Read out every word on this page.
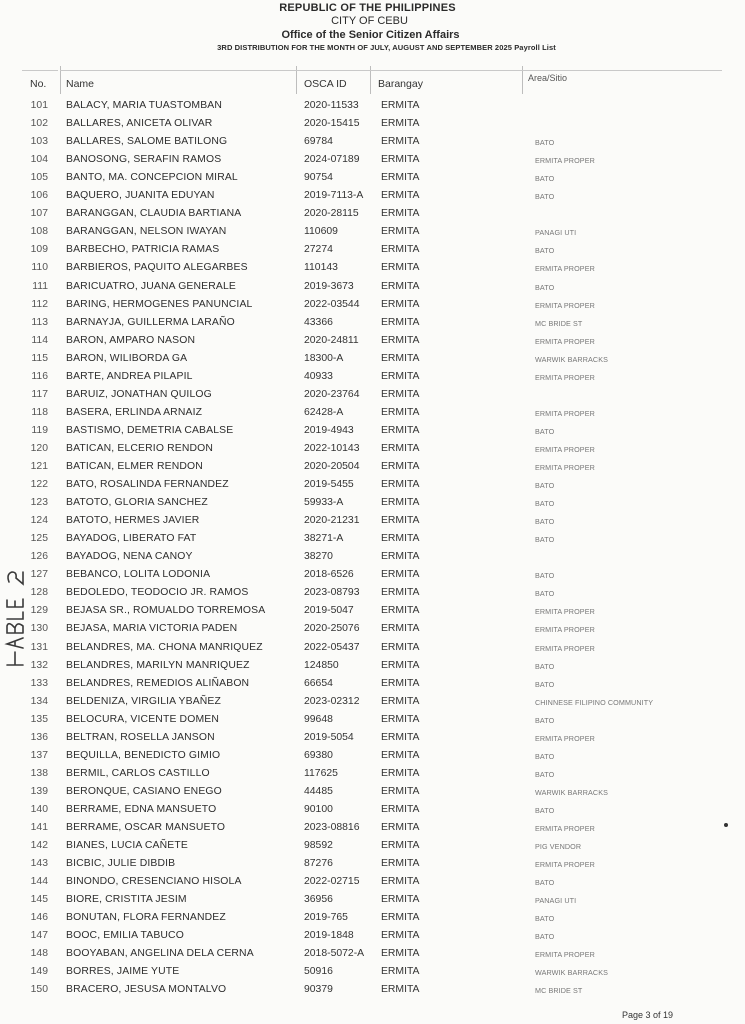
REPUBLIC OF THE PHILIPPINES
CITY OF CEBU
Office of the Senior Citizen Affairs
3RD DISTRIBUTION FOR THE MONTH OF JULY, AUGUST AND SEPTEMBER 2025 Payroll List
No. Name	OSCA ID	Barangay	Area/Sitio
101 BALACY, MARIA TUASTOMBAN	2020-11533 ERMITA
102 BALLARES, ANICETA OLIVAR	2020-15415 ERMITA
103 BALLARES, SALOME BATILONG	69784	ERMITA	BATO
104 BANOSONG, SERAFIN RAMOS	2024-07189 ERMITA	ERMITA PROPER
105 BANTO, MA. CONCEPCION MIRAL	90754	ERMITA	BATO
106 BAQUERO, JUANITA EDUYAN	2019-7113-A ERMITA	BATO
107 BARANGGAN, CLAUDIA BARTIANA	2020-28115 ERMITA
108 BARANGGAN, NELSON IWAYAN	110609	ERMITA	PANAGI UTI
109 BARBECHO, PATRICIA RAMAS	27274	ERMITA	BATO
110 BARBIEROS, PAQUITO ALEGARBES	110143	ERMITA	ERMITA PROPER
111 BARICUATRO, JUANA GENERALE	2019-3673	ERMITA	BATO
112 BARING, HERMOGENES PANUNCIAL	2022-03544 ERMITA	ERMITA PROPER
113 BARNAYJA, GUILLERMA LARAÑO	43366	ERMITA	MC BRIDE ST
114 BARON, AMPARO NASON	2020-24811 ERMITA	ERMITA PROPER
115 BARON, WILIBORDA GA	18300-A	ERMITA	WARWIK BARRACKS
116 BARTE, ANDREA PILAPIL	40933	ERMITA	ERMITA PROPER
117 BARUIZ, JONATHAN QUILOG	2020-23764 ERMITA
118 BASERA, ERLINDA ARNAIZ	62428-A	ERMITA	ERMITA PROPER
119 BASTISMO, DEMETRIA CABALSE	2019-4943	ERMITA	BATO
120 BATICAN, ELCERIO RENDON	2022-10143 ERMITA	ERMITA PROPER
121 BATICAN, ELMER RENDON	2020-20504 ERMITA	ERMITA PROPER
122 BATO, ROSALINDA FERNANDEZ	2019-5455	ERMITA	BATO
123 BATOTO, GLORIA SANCHEZ	59933-A	ERMITA	BATO
124 BATOTO, HERMES JAVIER	2020-21231 ERMITA	BATO
125 BAYADOG, LIBERATO FAT	38271-A	ERMITA	BATO
126 BAYADOG, NENA CANOY	38270	ERMITA
127 BEBANCO, LOLITA LODONIA	2018-6526	ERMITA	BATO
128 BEDOLEDO, TEODOCIO JR. RAMOS	2023-08793 ERMITA	BATO
129 BEJASA SR., ROMUALDO TORREMOSA	2019-5047	ERMITA	ERMITA PROPER
130 BEJASA, MARIA VICTORIA PADEN	2020-25076 ERMITA	ERMITA PROPER
131 BELANDRES, MA. CHONA MANRIQUEZ	2022-05437 ERMITA	ERMITA PROPER
132 BELANDRES, MARILYN MANRIQUEZ	124850	ERMITA	BATO
133 BELANDRES, REMEDIOS ALIÑABON	66654	ERMITA	BATO
134 BELDENIZA, VIRGILIA YBAÑEZ	2023-02312 ERMITA	CHINNESE FILIPINO COMMUNITY
135 BELOCURA, VICENTE DOMEN	99648	ERMITA	BATO
136 BELTRAN, ROSELLA JANSON	2019-5054	ERMITA	ERMITA PROPER
137 BEQUILLA, BENEDICTO GIMIO	69380	ERMITA	BATO
138 BERMIL, CARLOS CASTILLO	117625	ERMITA	BATO
139 BERONQUE, CASIANO ENEGO	44485	ERMITA	WARWIK BARRACKS
140 BERRAME, EDNA MANSUETO	90100	ERMITA	BATO
141 BERRAME, OSCAR MANSUETO	2023-08816 ERMITA	ERMITA PROPER
142 BIANES, LUCIA CAÑETE	98592	ERMITA	PIG VENDOR
143 BICBIC, JULIE DIBDIB	87276	ERMITA	ERMITA PROPER
144 BINONDO, CRESENCIANO HISOLA	2022-02715 ERMITA	BATO
145 BIORE, CRISTITA JESIM	36956	ERMITA	PANAGI UTI
146 BONUTAN, FLORA FERNANDEZ	2019-765	ERMITA	BATO
147 BOOC, EMILIA TABUCO	2019-1848	ERMITA	BATO
148 BOOYABAN, ANGELINA DELA CERNA	2018-5072-A ERMITA	ERMITA PROPER
149 BORRES, JAIME YUTE	50916	ERMITA	WARWIK BARRACKS
150 BRACERO, JESUSA MONTALVO	90379	ERMITA	MC BRIDE ST
Page 3 of 19
